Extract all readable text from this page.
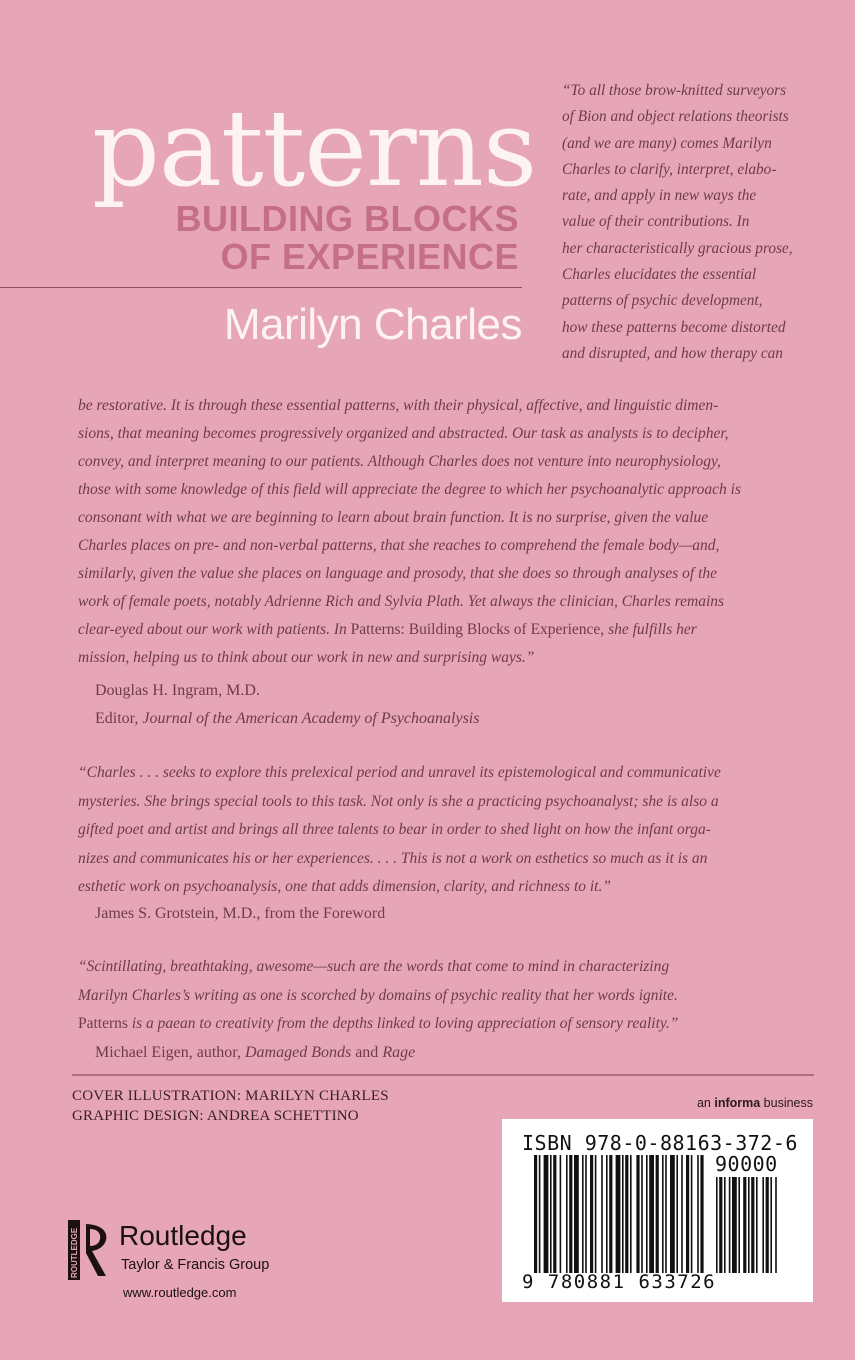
patterns
BUILDING BLOCKS
OF EXPERIENCE

Marilyn Charles

“To all those brow-knitted surveyors
of Bion and object relations theorists
(and we are many) comes Marilyn
Charles to clarify, interpret, elabo-
rate, and apply in new ways the
value of their contributions. In
her characteristically gracious prose,
Charles elucidates the essential
patterns of psychic development,
how these patterns become distorted
and disrupted, and how therapy can

be restorative. It is through these essential patterns, with their physical, affective, and linguistic dimen-
sions, that meaning becomes progressively organized and abstracted. Our task as analysts is to decipher,
convey, and interpret meaning to our patients. Although Charles does not venture into neurophysiology,
those with some knowledge of this field will appreciate the degree to which her psychoanalytic approach is
consonant with what we are beginning to learn about brain function. It is no surprise, given the value
Charles places on pre- and non-verbal patterns, that she reaches to comprehend the female body—and,
similarly, given the value she places on language and prosody, that she does so through analyses of the
work of female poets, notably Adrienne Rich and Sylvia Plath. Yet always the clinician, Charles remains
clear-eyed about our work with patients. In Patterns: Building Blocks of Experience, she fulfills her
mission, helping us to think about our work in new and surprising ways.”

Douglas H. Ingram, M.D.
Editor, Journal of the American Academy of Psychoanalysis

“Charles . . . seeks to explore this prelexical period and unravel its epistemological and communicative
mysteries. She brings special tools to this task. Not only is she a practicing psychoanalyst; she is also a
gifted poet and artist and brings all three talents to bear in order to shed light on how the infant orga-
nizes and communicates his or her experiences. . . . This is not a work on esthetics so much as it is an
esthetic work on psychoanalysis, one that adds dimension, clarity, and richness to it.”

James S. Grotstein, M.D., from the Foreword

“Scintillating, breathtaking, awesome—such are the words that come to mind in characterizing
Marilyn Charles’s writing as one is scorched by domains of psychic reality that her words ignite.
Patterns is a paean to creativity from the depths linked to loving appreciation of sensory reality.”

Michael Eigen, author, Damaged Bonds and Rage

COVER ILLUSTRATION: MARILYN CHARLES
GRAPHIC DESIGN: ANDREA SCHETTINO

an informa business

ISBN 978-0-88163-372-6

90000

9 780881 633726

ROUTLEDGE Routledge

Taylor & Francis Group

www.routledge.com
